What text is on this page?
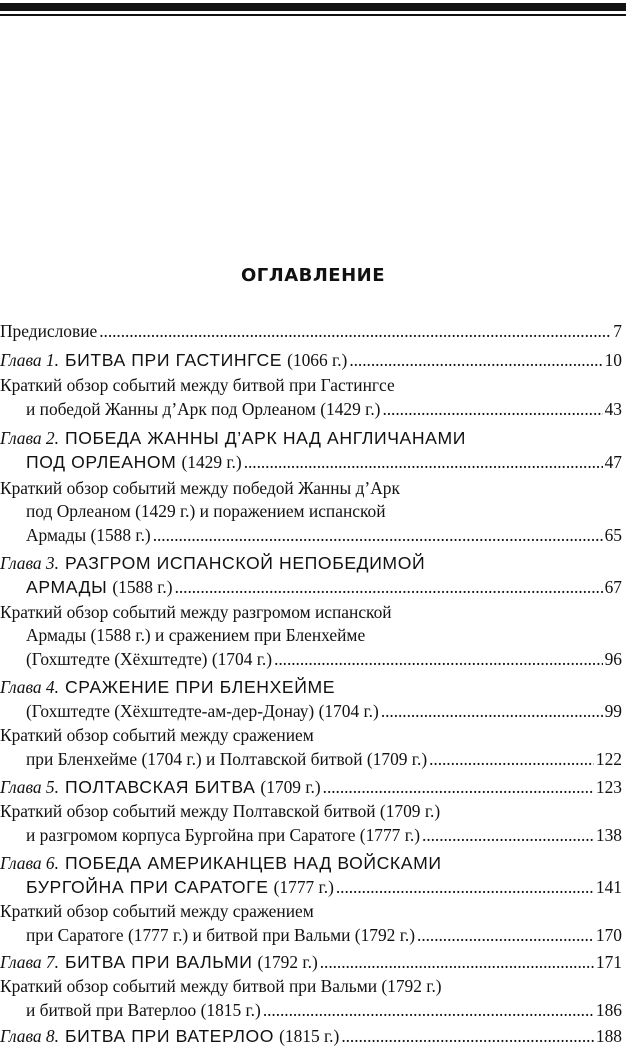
ОГЛАВЛЕНИЕ
Предисловие . . .	7
Глава 1. БИТВА ПРИ ГАСТИНГСЕ (1066 г.) . . .	10
Краткий обзор событий между битвой при Гастингсе
и победой Жанны д’Арк под Орлеаном (1429 г.) . . .	43
Глава 2. ПОБЕДА ЖАННЫ Д’АРК НАД АНГЛИЧАНАМИ
ПОД ОРЛЕАНОМ (1429 г.) . . .	47
Краткий обзор событий между победой Жанны д’Арк
под Орлеаном (1429 г.) и поражением испанской
Армады (1588 г.) . . .	65
Глава 3. РАЗГРОМ ИСПАНСКОЙ НЕПОБЕДИМОЙ
АРМАДЫ (1588 г.) . . .	67
Краткий обзор событий между разгромом испанской
Армады (1588 г.) и сражением при Бленхейме
(Гохштедте (Хёхштедте) (1704 г.) . . .	96
Глава 4. СРАЖЕНИЕ ПРИ БЛЕНХЕЙМЕ
(Гохштедте (Хёхштедте-ам-дер-Донау) (1704 г.) . . .	99
Краткий обзор событий между сражением
при Бленхейме (1704 г.) и Полтавской битвой (1709 г.) . . .	122
Глава 5. ПОЛТАВСКАЯ БИТВА (1709 г.) . . .	123
Краткий обзор событий между Полтавской битвой (1709 г.)
и разгромом корпуса Бургойна при Саратоге (1777 г.) . . .	138
Глава 6. ПОБЕДА АМЕРИКАНЦЕВ НАД ВОЙСКАМИ
БУРГОЙНА ПРИ САРАТОГЕ (1777 г.) . . .	141
Краткий обзор событий между сражением
при Саратоге (1777 г.) и битвой при Вальми (1792 г.) . . .	170
Глава 7. БИТВА ПРИ ВАЛЬМИ (1792 г.) . . .	171
Краткий обзор событий между битвой при Вальми (1792 г.)
и битвой при Ватерлоо (1815 г.) . . .	186
Глава 8. БИТВА ПРИ ВАТЕРЛОО (1815 г.) . . .	188
